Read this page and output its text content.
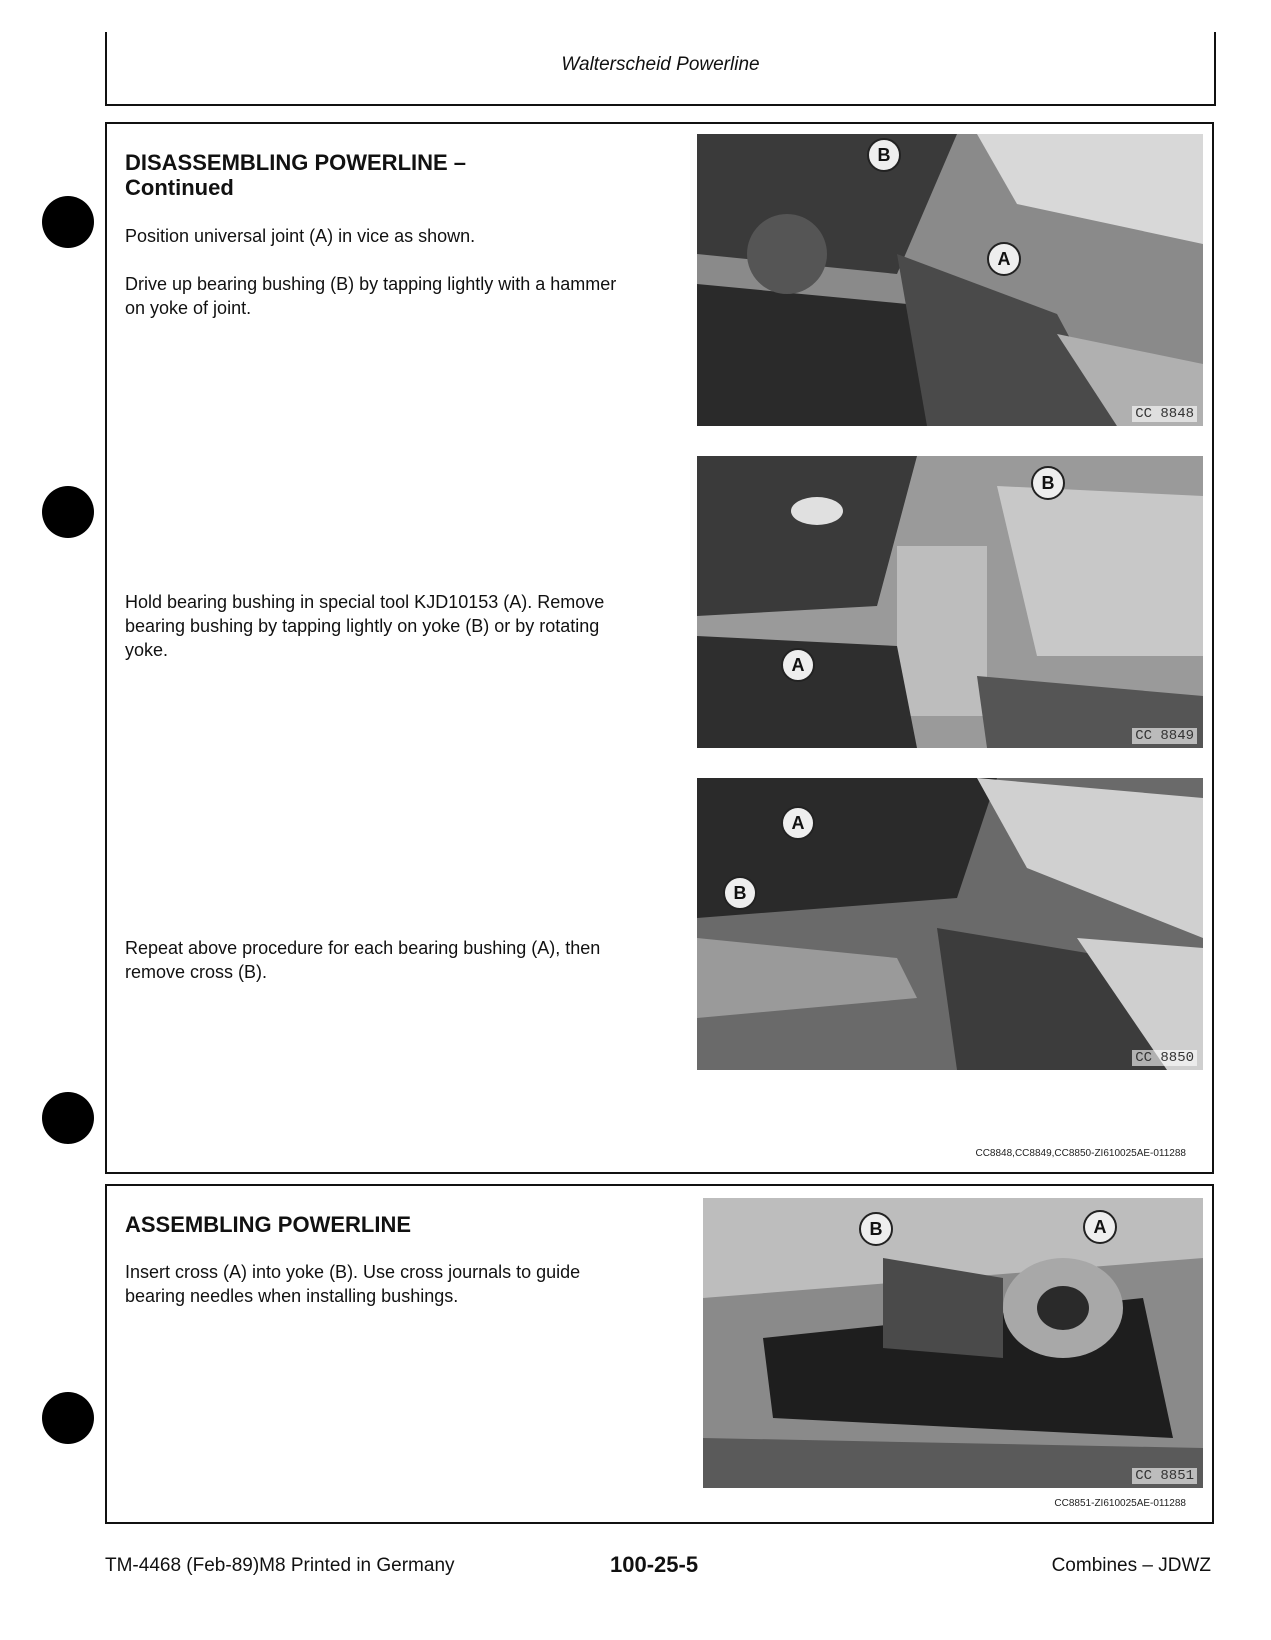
Walterscheid Powerline
DISASSEMBLING POWERLINE –
Continued
Position universal joint (A) in vice as shown.
Drive up bearing bushing (B) by tapping lightly with a hammer on yoke of joint.
Hold bearing bushing in special tool KJD10153 (A). Remove bearing bushing by tapping lightly on yoke (B) or by rotating yoke.
Repeat above procedure for each bearing bushing (A), then remove cross (B).
B
A
CC 8848
B
A
CC 8849
A
B
CC 8850
CC8848,CC8849,CC8850-ZI610025AE-011288
ASSEMBLING POWERLINE
Insert cross (A) into yoke (B). Use cross journals to guide bearing needles when installing bushings.
B	A
CC 8851
CC8851-ZI610025AE-011288
TM-4468 (Feb-89)M8 Printed in Germany	100-25-5	Combines – JDWZ
